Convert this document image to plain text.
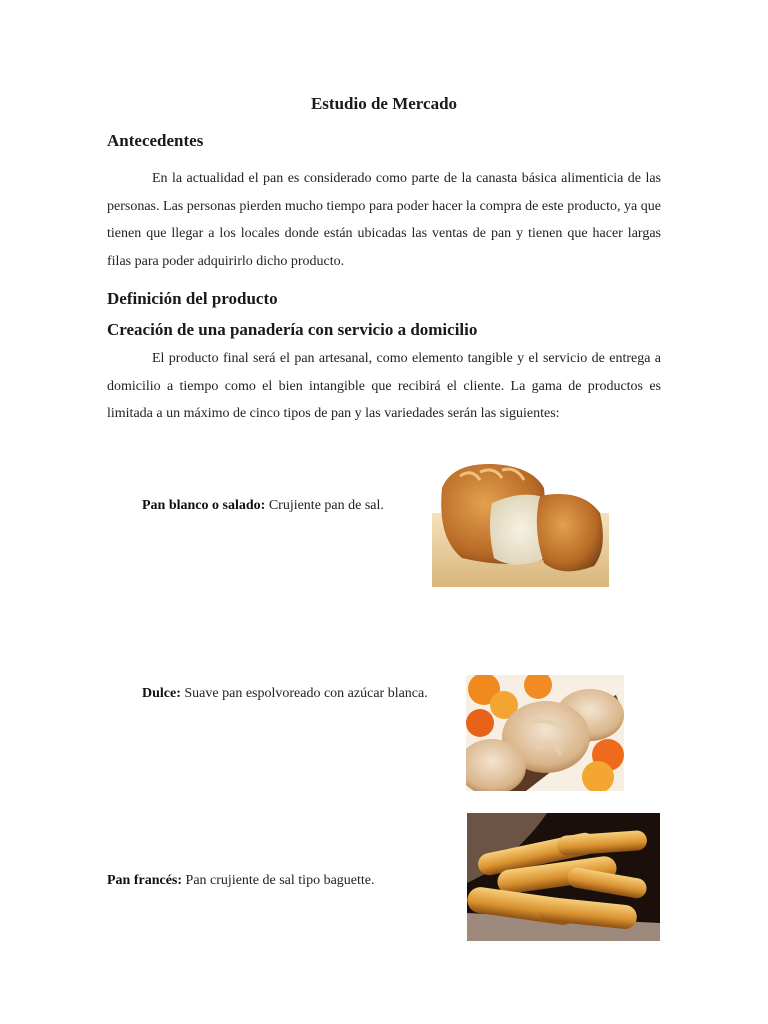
Estudio de Mercado
Antecedentes

En la actualidad el pan es considerado como parte de la canasta básica alimenticia de las personas. Las personas pierden mucho tiempo para poder hacer la compra de este producto, ya que tienen que llegar a los locales donde están ubicadas las ventas de pan y tienen que hacer largas filas para poder adquirirlo dicho producto.

Definición del producto
Creación de una panadería con servicio a domicilio

El producto final será el pan artesanal, como elemento tangible y el servicio de entrega a domicilio a tiempo como el bien intangible que recibirá el cliente. La gama de productos es limitada a un máximo de cinco tipos de pan y las variedades serán las siguientes:

Pan blanco o salado: Crujiente pan de sal.
Dulce: Suave pan espolvoreado con azúcar blanca.
Pan francés: Pan crujiente de sal tipo baguette.
